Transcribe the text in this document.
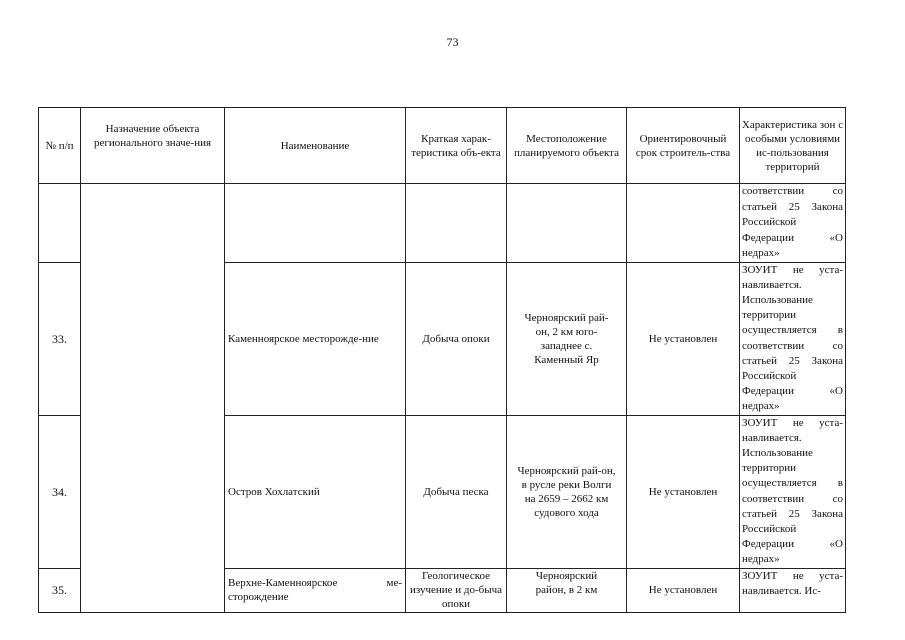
73
№ п/п	Назначение объекта регионального значе-ния	Наименование	Краткая харак-теристика объ-екта	Местоположение планируемого объекта	Ориентировочный срок строитель-ства	Характеристика зон с особыми условиями ис-пользования территорий
						соответствии со статьей 25 Закона Российской Федерации «О недрах»
33.		Каменноярское месторожде-ние	Добыча опоки	Черноярский рай-он, 2 км юго-западнее с. Каменный Яр	Не установлен	ЗОУИТ не уста-навливается. Использование территории осуществляется в соответствии со статьей 25 Закона Российской Федерации «О недрах»
34.		Остров Хохлатский	Добыча песка	Черноярский рай-он, в русле реки Волги на 2659 – 2662 км судового хода	Не установлен	ЗОУИТ не уста-навливается. Использование территории осуществляется в соответствии со статьей 25 Закона Российской Федерации «О недрах»
35.		Верхне-Каменноярское ме-сторождение	Геологическое изучение и до-быча опоки	Черноярский район, в 2 км	Не установлен	ЗОУИТ не уста-навливается. Ис-
